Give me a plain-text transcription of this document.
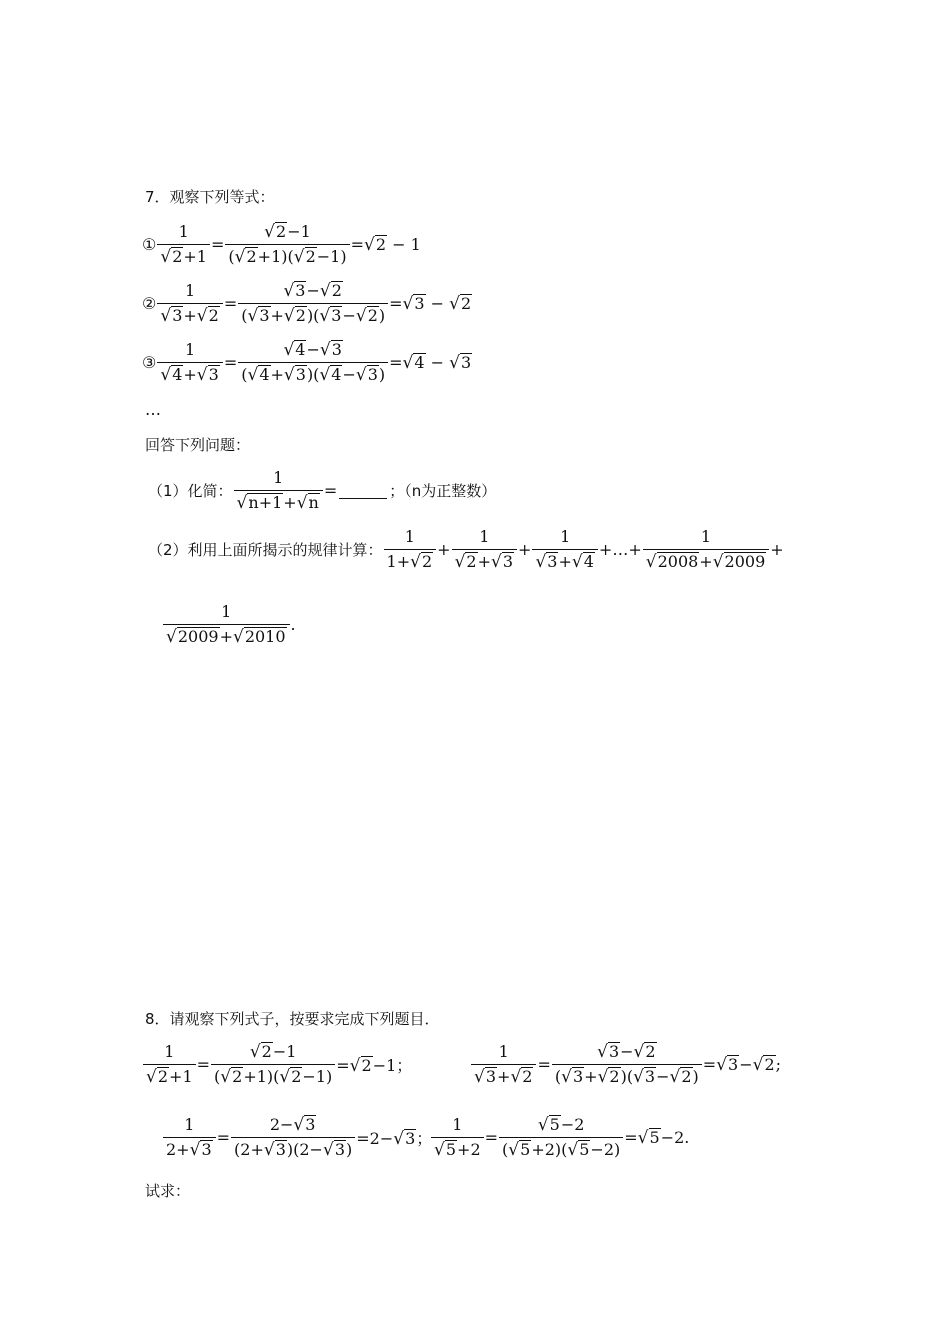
7．观察下列等式：
① $\frac{1}{√2+1} = \frac{√2-1}{(√2+1)(√2-1)} =√2 - 1$
② $\frac{1}{√3+√2} = \frac{√3-√2}{(√3+√2)(√3-√2)} =√3 - √2$
③ $\frac{1}{√4+√3} = \frac{√4-√3}{(√4+√3)(√4-√3)} =√4 - √3$
…
回答下列问题：
（1）化简： $\frac{1}{√n+1+√n}$ =	；（n为正整数）
（2）利用上面所揭示的规律计算： $\frac{1}{1+√2} + \frac{1}{√2+√3} + \frac{1}{√3+√4}$ +…+ $\frac{1}{√2008+√2009}$ +
$\frac{1}{√2009+√2010}$ .
8．请观察下列式子，按要求完成下列题目．
$\frac{1}{√2+1} = \frac{√2-1}{(√2+1)(√2-1)} =√2-1$；	$\frac{1}{√3+√2} = \frac{√3-√2}{(√3+√2)(√3-√2)} =√3-√2$;
$\frac{1}{2+√3} = \frac{2-√3}{(2+√3)(2-√3)} =2-√3$；
$\frac{1}{√5+2} = \frac{√5-2}{(√5+2)(√5-2)} =√5-2$.
试求：
